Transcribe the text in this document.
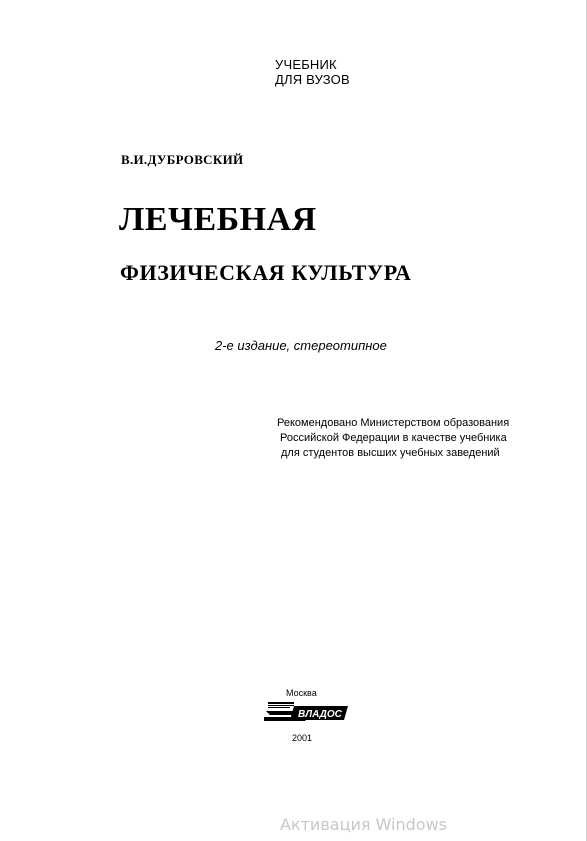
УЧЕБНИК
ДЛЯ ВУЗОВ
В.И.ДУБРОВСКИЙ
ЛЕЧЕБНАЯ
ФИЗИЧЕСКАЯ КУЛЬТУРА
2-е издание, стереотипное
Рекомендовано Министерством образования
Российской Федерации в качестве учебника
для студентов высших учебных заведений
Москва
ВЛАДОС
2001
Активация Windows
